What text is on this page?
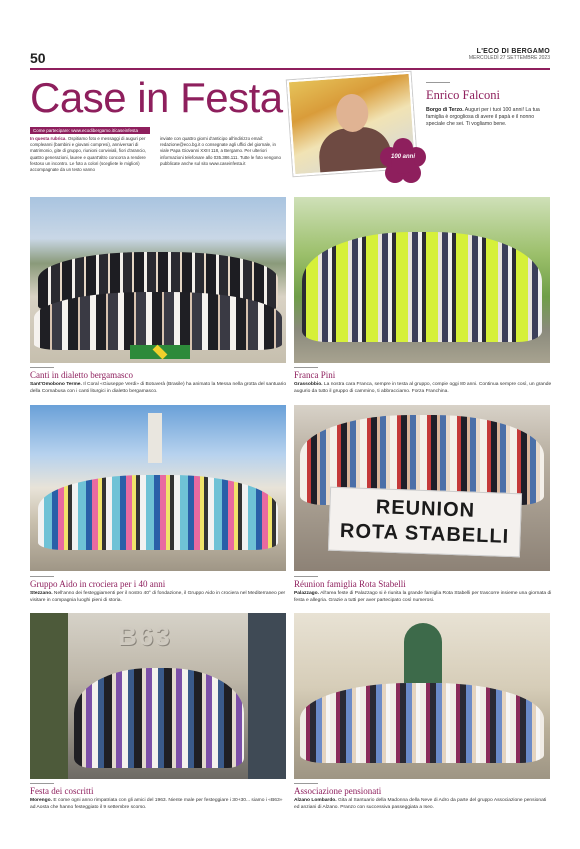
50	L'ECO DI BERGAMO
MERCOLEDÌ 27 SETTEMBRE 2023
Case in Festa
Come partecipare: www.ecodibergamo.it/caseinfesta
In questa rubrica. Ospitiamo foto e messaggi di auguri per compleanni (bambini e giovani compresi), anniversari di matrimonio, gite di gruppo, riunioni conviviali, fiori d'arancio, quattro generazioni, lauree e quant'altro concorra a rendere festoso un incontro. Le foto a colori (scegliete le migliori) accompagnate da un testo vanno
inviate con quattro giorni d'anticipo all'indirizzo email: redazione@eco.bg.it o consegnate agli uffici del giornale, in viale Papa Giovanni XXIII 118, a Bergamo. Per ulteriori informazioni telefonare allo 035.386.111. Tutte le foto vengono pubblicate anche sul sito www.caseinfesta.it
100 anni
Enrico Falconi
Borgo di Terzo. Auguri per i tuoi 100 anni! La tua famiglia è orgogliosa di avere il papà e il nonno speciale che sei. Ti vogliamo bene.
Canti in dialetto bergamasco
Sant'Omobono Terme. Il Coral «Giuseppe Verdi» di Botuverà (Brasile) ha animato la Messa nella grotta del santuario della Cornabusa con i canti liturgici in dialetto bergamasco.
Franca Pini
Grassobbio. La nostra cara Franca, sempre in testa al gruppo, compie oggi 80 anni. Continua sempre così, un grande augurio da tutto il gruppo di cammino, ti abbracciamo. Forza Franchina.
Gruppo Aido in crociera per i 40 anni
Stezzano. Nell'anno dei festeggiamenti per il nostro 40° di fondazione, il Gruppo Aido in crociera nel Mediterraneo per visitare in compagnia luoghi pieni di storia.
REUNION
ROTA STABELLI
Réunion famiglia Rota Stabelli
Palazzago. All'area feste di Palazzago si è riunita la grande famiglia Rota Stabelli per trascorre insieme una giornata di festa e allegria. Grazie a tutti per aver partecipato così numerosi.
B63
Festa dei coscritti
Morengo. E come ogni anno rimpatriata con gli amici del 1963. Niente male per festeggiare i 30+30... siamo i «B63» ad Aosta che hanno festeggiato il 9 settembre scorso.
Associazione pensionati
Alzano Lombardo. Gita al Santuario della Madonna della Neve di Adro da parte del gruppo Associazione pensionati ed anziani di Alzano. Pranzo con successiva passeggiata a Iseo.
